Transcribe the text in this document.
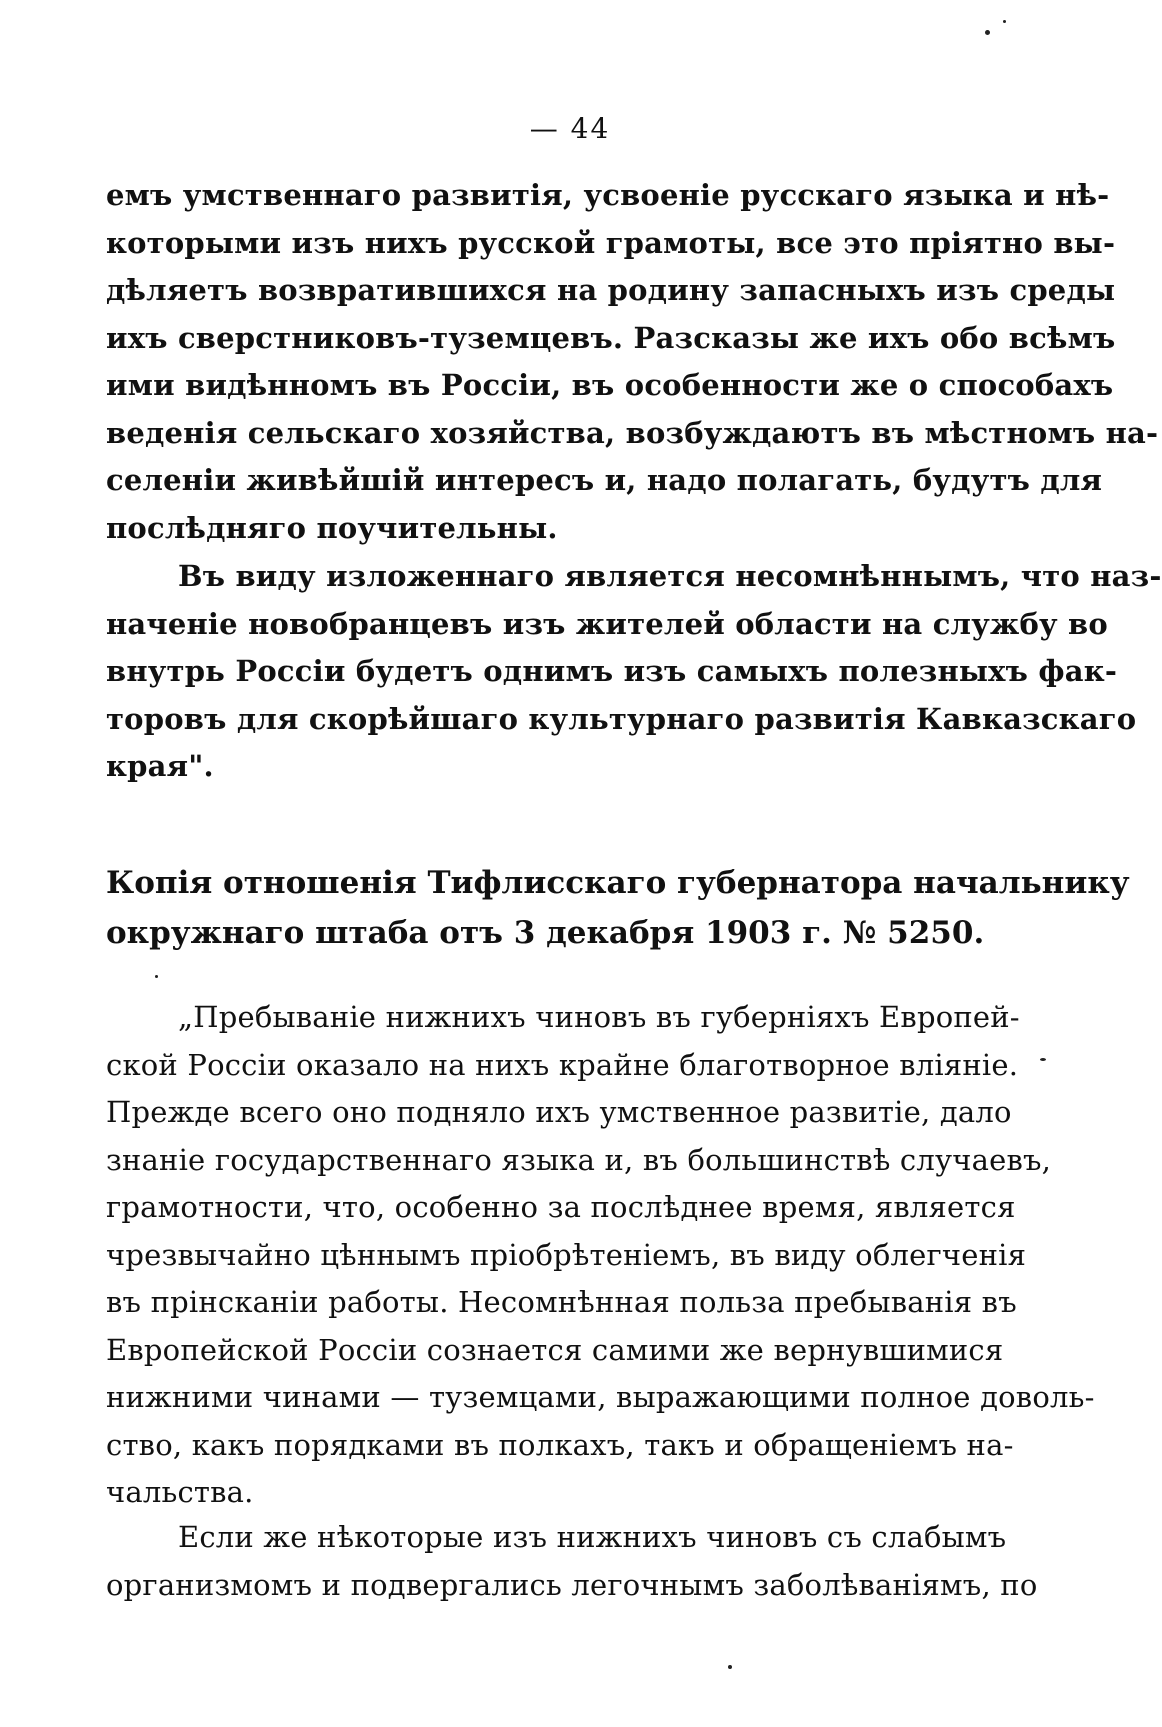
— 44
емъ умственнаго развитія, усвоеніе русскаго языка и нѣ-
которыми изъ нихъ русской грамоты, все это пріятно вы-
дѣляетъ возвратившихся на родину запасныхъ изъ среды
ихъ сверстниковъ-туземцевъ. Разсказы же ихъ обо всѣмъ
ими видѣнномъ въ Россіи, въ особенности же о способахъ
веденія сельскаго хозяйства, возбуждаютъ въ мѣстномъ на-
селеніи живѣйшій интересъ и, надо полагать, будутъ для
послѣдняго поучительны.
Въ виду изложеннаго является несомнѣннымъ, что наз-
наченіе новобранцевъ изъ жителей области на службу во
внутрь Россіи будетъ однимъ изъ самыхъ полезныхъ фак-
торовъ для скорѣйшаго культурнаго развитія Кавказскаго
края".
Копія отношенія Тифлисскаго губернатора начальнику
окружнаго штаба отъ 3 декабря 1903 г. № 5250.
„Пребываніе нижнихъ чиновъ въ губерніяхъ Европей-
ской Россіи оказало на нихъ крайне благотворное вліяніе.
Прежде всего оно подняло ихъ умственное развитіе, дало
знаніе государственнаго языка и, въ большинствѣ случаевъ,
грамотности, что, особенно за послѣднее время, является
чрезвычайно цѣннымъ пріобрѣтеніемъ, въ виду облегченія
въ прінсканіи работы. Несомнѣнная польза пребыванія въ
Европейской Россіи сознается самими же вернувшимися
нижними чинами — туземцами, выражающими полное доволь-
ство, какъ порядками въ полкахъ, такъ и обращеніемъ на-
чальства.
Если же нѣкоторые изъ нижнихъ чиновъ съ слабымъ
организмомъ и подвергались легочнымъ заболѣваніямъ, по
